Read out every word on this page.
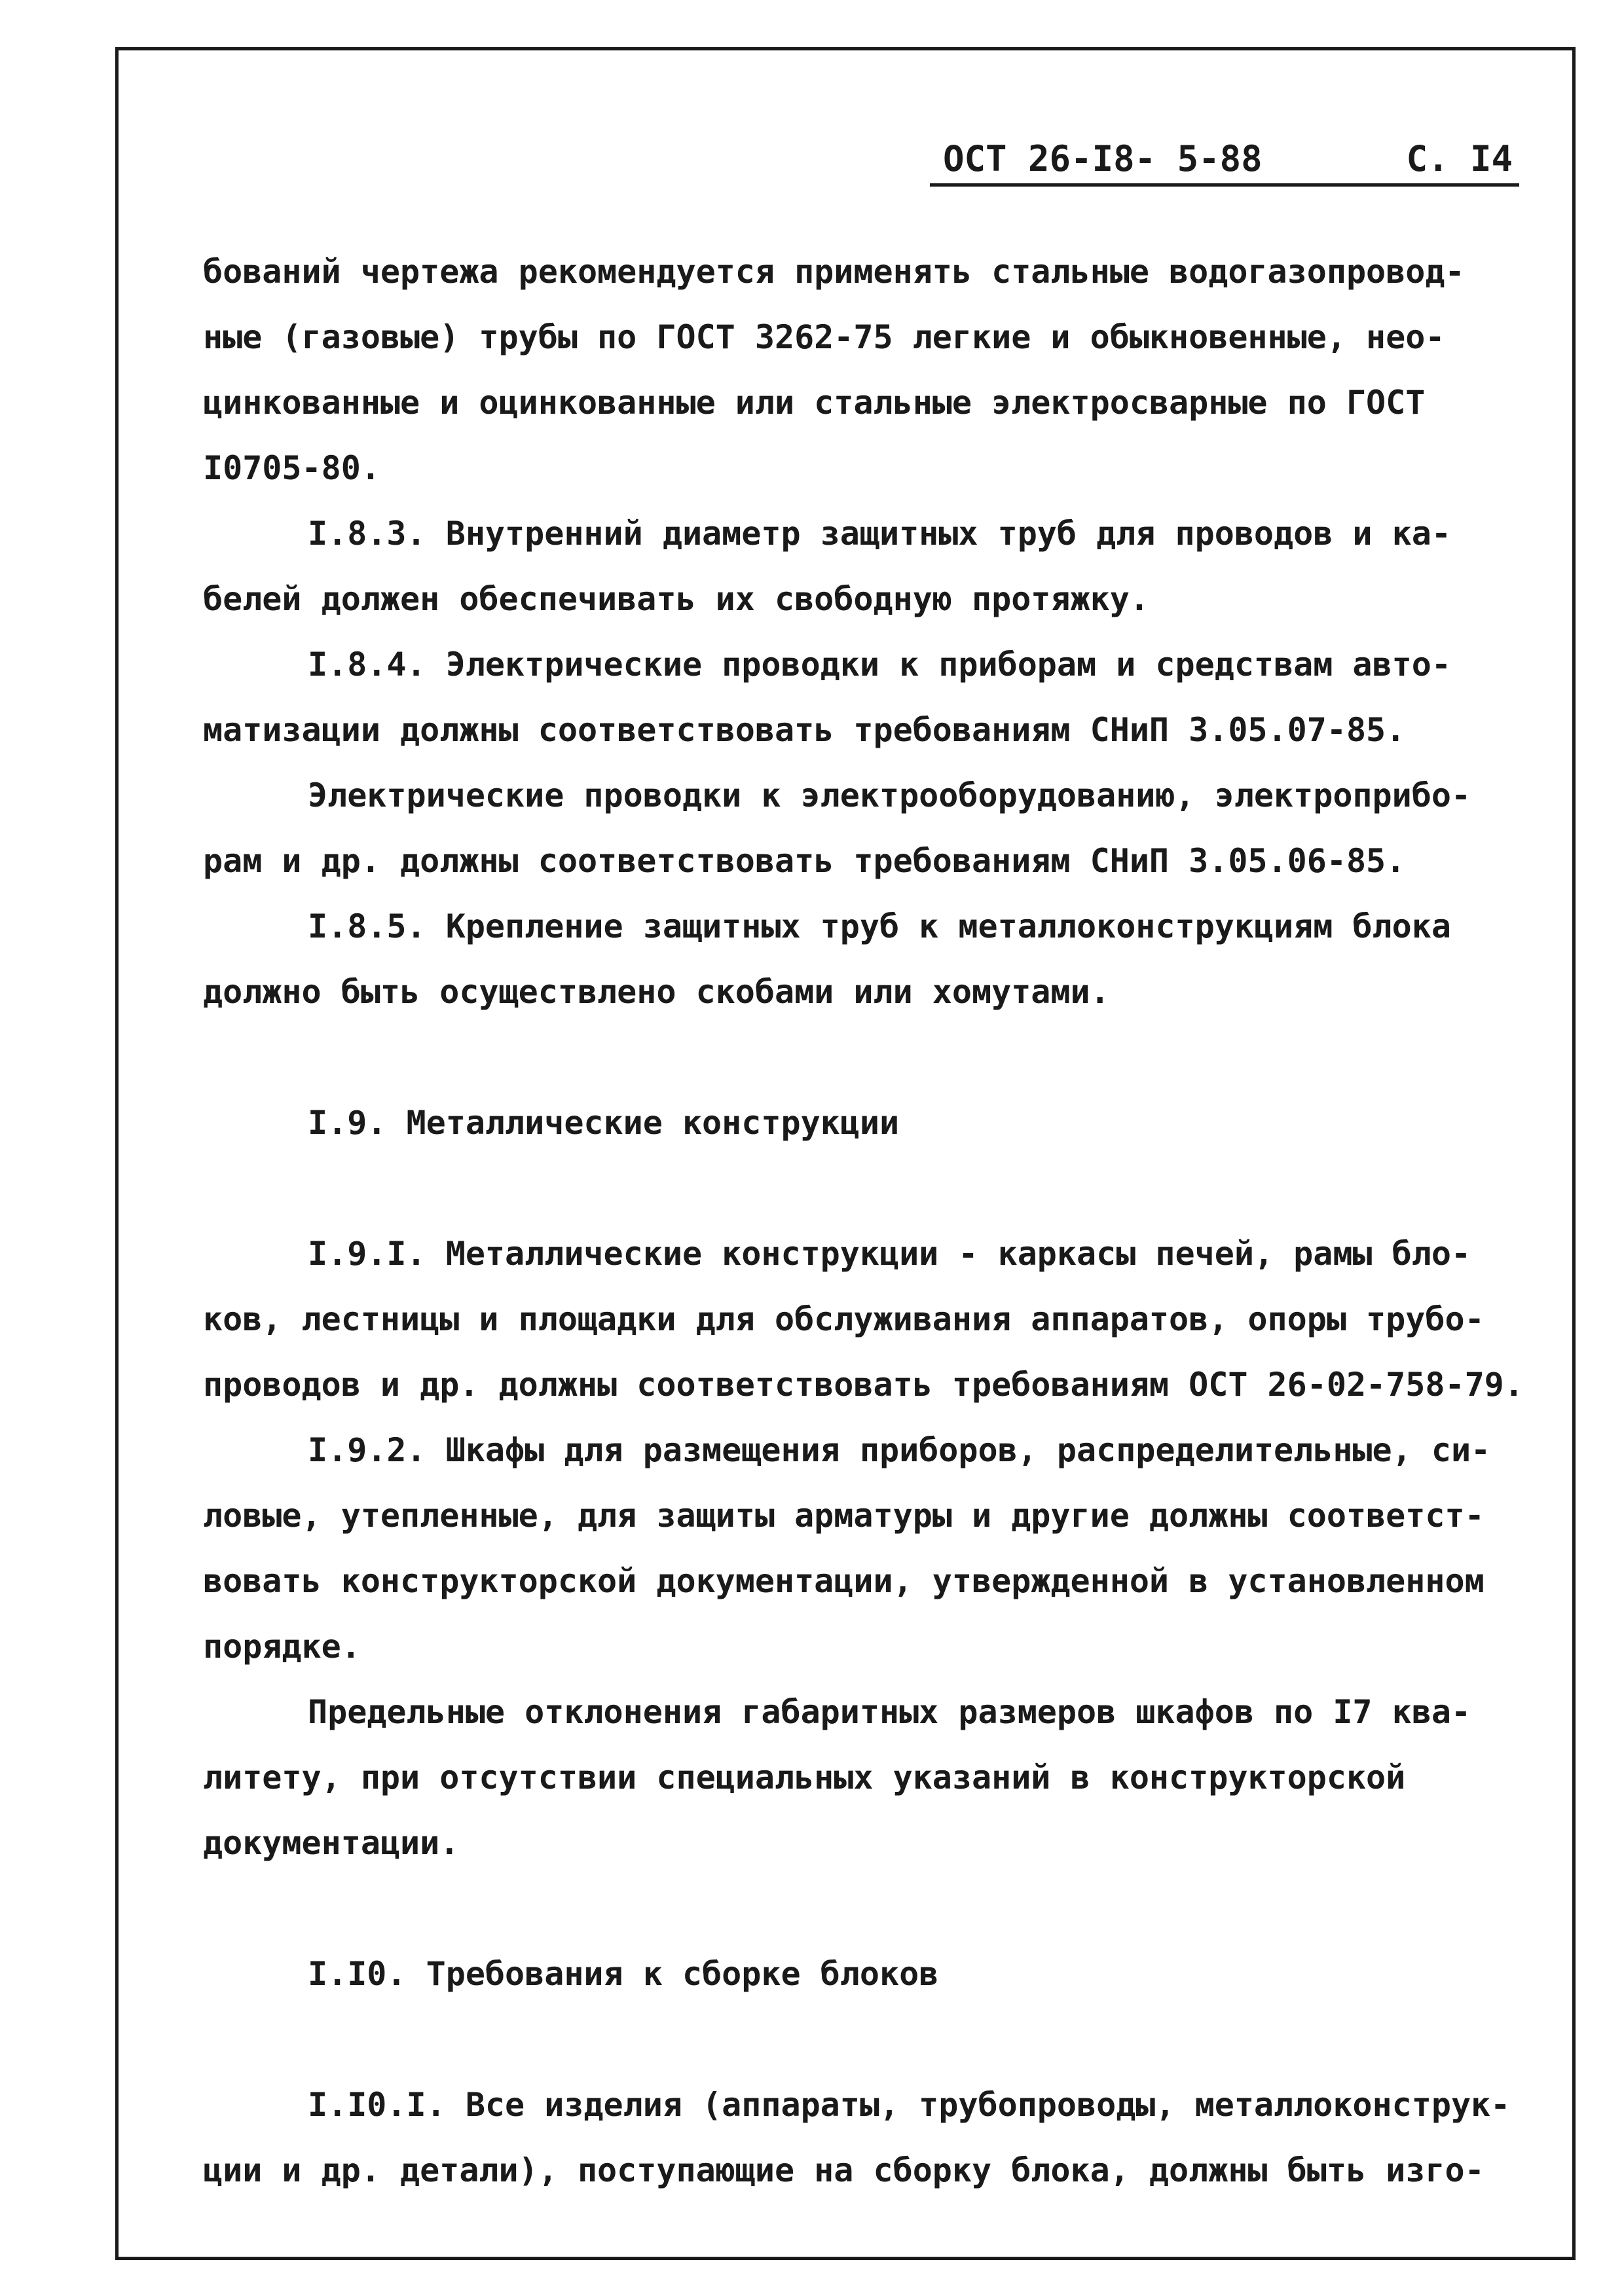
ОСТ 26-I8- 5-88	С. I4
бований чертежа рекомендуется применять стальные водогазопровод-
ные (газовые) трубы по ГОСТ 3262-75 легкие и обыкновенные, нео-
цинкованные и оцинкованные или стальные электросварные по ГОСТ
I0705-80.
I.8.3. Внутренний диаметр защитных труб для проводов и ка-
белей должен обеспечивать их свободную протяжку.
I.8.4. Электрические проводки к приборам и средствам авто-
матизации должны соответствовать требованиям СНиП 3.05.07-85.
Электрические проводки к электрооборудованию, электроприбо-
рам и др. должны соответствовать требованиям СНиП 3.05.06-85.
I.8.5. Крепление защитных труб к металлоконструкциям блока
должно быть осуществлено скобами или хомутами.
I.9. Металлические конструкции
I.9.I. Металлические конструкции - каркасы печей, рамы бло-
ков, лестницы и площадки для обслуживания аппаратов, опоры трубо-
проводов и др. должны соответствовать требованиям ОСТ 26-02-758-79.
I.9.2. Шкафы для размещения приборов, распределительные, си-
ловые, утепленные, для защиты арматуры и другие должны соответст-
вовать конструкторской документации, утвержденной в установленном
порядке.
Предельные отклонения габаритных размеров шкафов по I7 ква-
литету, при отсутствии специальных указаний в конструкторской
документации.
I.I0. Требования к сборке блоков
I.I0.I. Все изделия (аппараты, трубопроводы, металлоконструк-
ции и др. детали), поступающие на сборку блока, должны быть изго-
